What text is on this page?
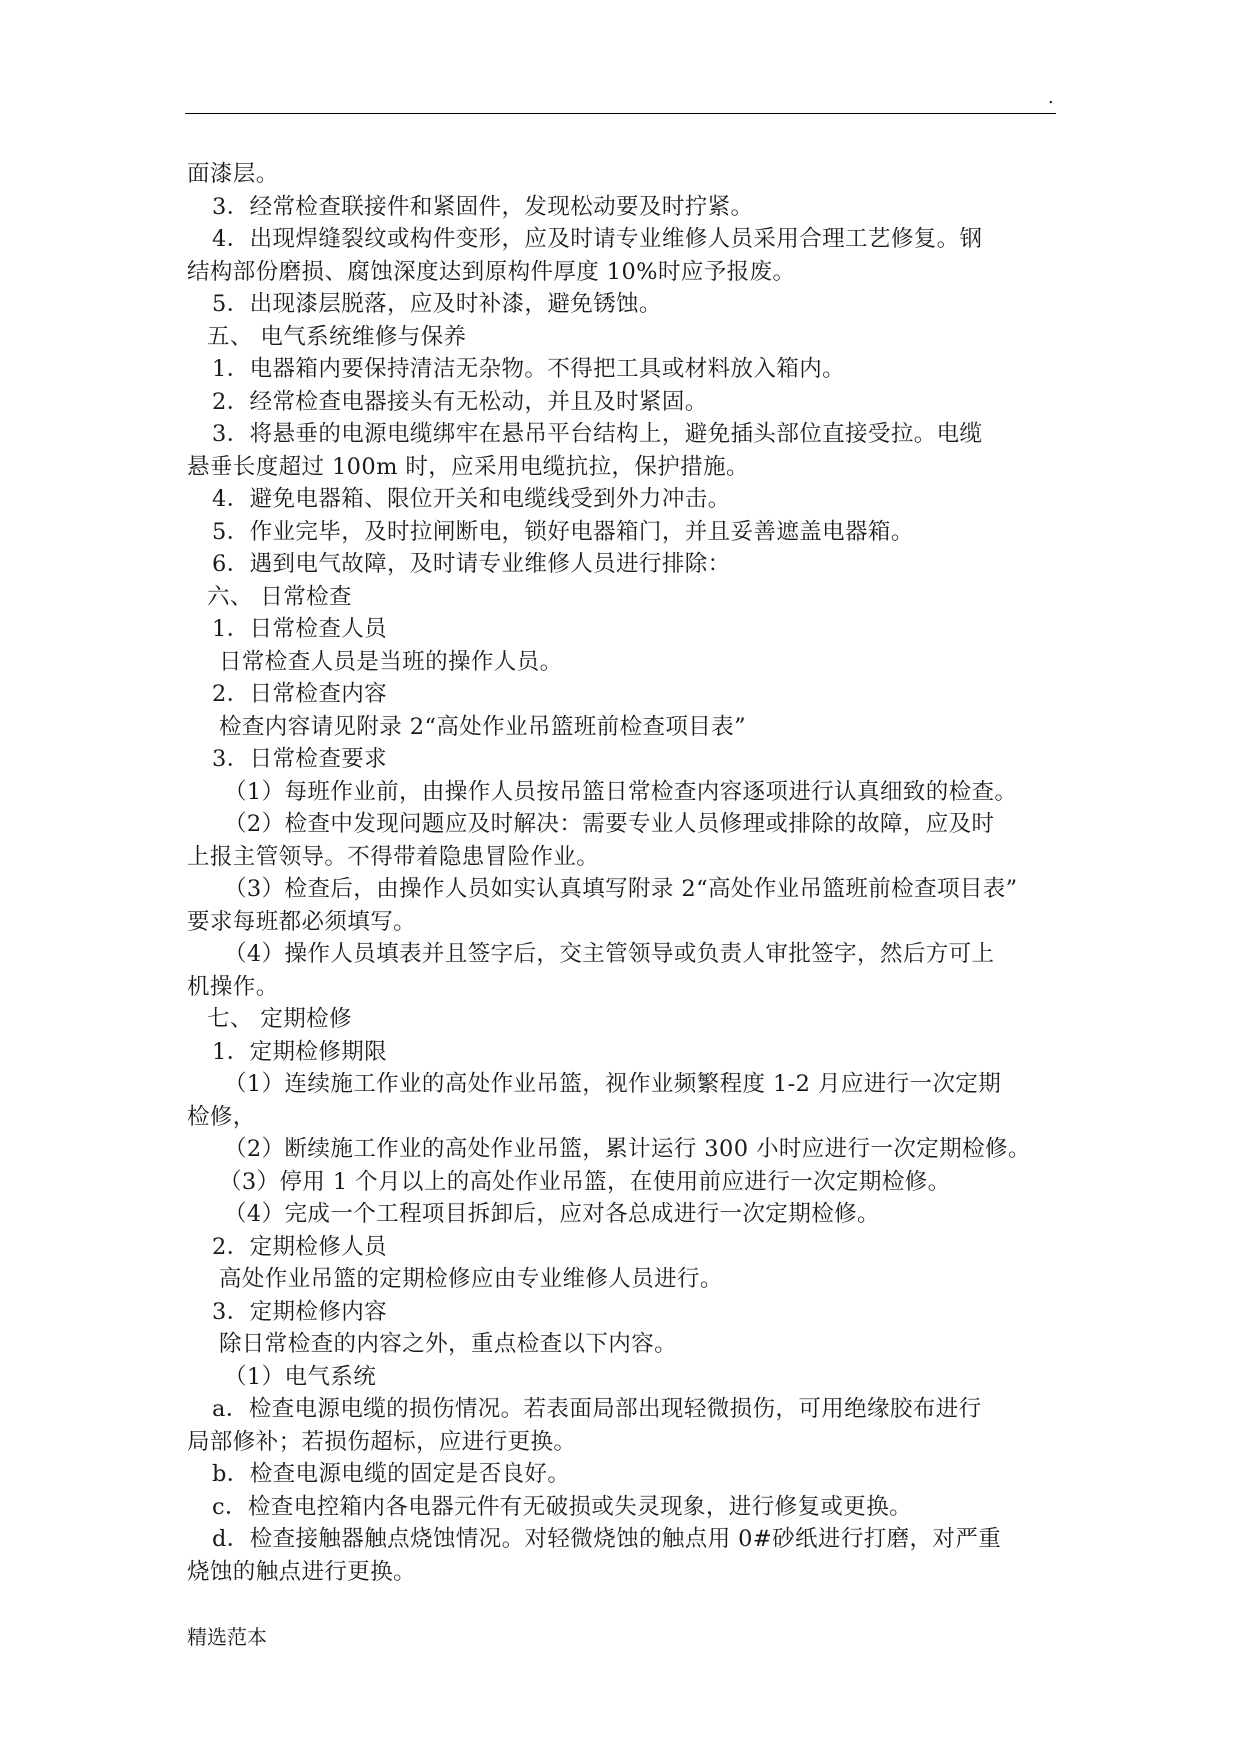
.
面漆层。
3．经常检查联接件和紧固件，发现松动要及时拧紧。
4．出现焊缝裂纹或构件变形，应及时请专业维修人员采用合理工艺修复。钢
结构部份磨损、腐蚀深度达到原构件厚度 10%时应予报废。
5．出现漆层脱落，应及时补漆，避免锈蚀。
五、 电气系统维修与保养
1．电器箱内要保持清洁无杂物。不得把工具或材料放入箱内。
2．经常检查电器接头有无松动，并且及时紧固。
3．将悬垂的电源电缆绑牢在悬吊平台结构上，避免插头部位直接受拉。电缆
悬垂长度超过 100m 时，应采用电缆抗拉，保护措施。
4．避免电器箱、限位开关和电缆线受到外力冲击。
5．作业完毕，及时拉闸断电，锁好电器箱门，并且妥善遮盖电器箱。
6．遇到电气故障，及时请专业维修人员进行排除：
六、 日常检查
1．日常检查人员
日常检查人员是当班的操作人员。
2．日常检查内容
检查内容请见附录 2“高处作业吊篮班前检查项目表”
3．日常检查要求
（1）每班作业前，由操作人员按吊篮日常检查内容逐项进行认真细致的检查。
（2）检查中发现问题应及时解决：需要专业人员修理或排除的故障，应及时
上报主管领导。不得带着隐患冒险作业。
（3）检查后，由操作人员如实认真填写附录 2“高处作业吊篮班前检查项目表”
要求每班都必须填写。
（4）操作人员填表并且签字后，交主管领导或负责人审批签字，然后方可上
机操作。
七、 定期检修
1．定期检修期限
（1）连续施工作业的高处作业吊篮，视作业频繁程度 1-2 月应进行一次定期
检修，
（2）断续施工作业的高处作业吊篮，累计运行 300 小时应进行一次定期检修。
（3）停用 1 个月以上的高处作业吊篮，在使用前应进行一次定期检修。
（4）完成一个工程项目拆卸后，应对各总成进行一次定期检修。
2．定期检修人员
高处作业吊篮的定期检修应由专业维修人员进行。
3．定期检修内容
除日常检查的内容之外，重点检查以下内容。
（1）电气系统
a．检查电源电缆的损伤情况。若表面局部出现轻微损伤，可用绝缘胶布进行
局部修补；若损伤超标，应进行更换。
b．检查电源电缆的固定是否良好。
c．检查电控箱内各电器元件有无破损或失灵现象，进行修复或更换。
d．检查接触器触点烧蚀情况。对轻微烧蚀的触点用 0#砂纸进行打磨，对严重
烧蚀的触点进行更换。
精选范本
